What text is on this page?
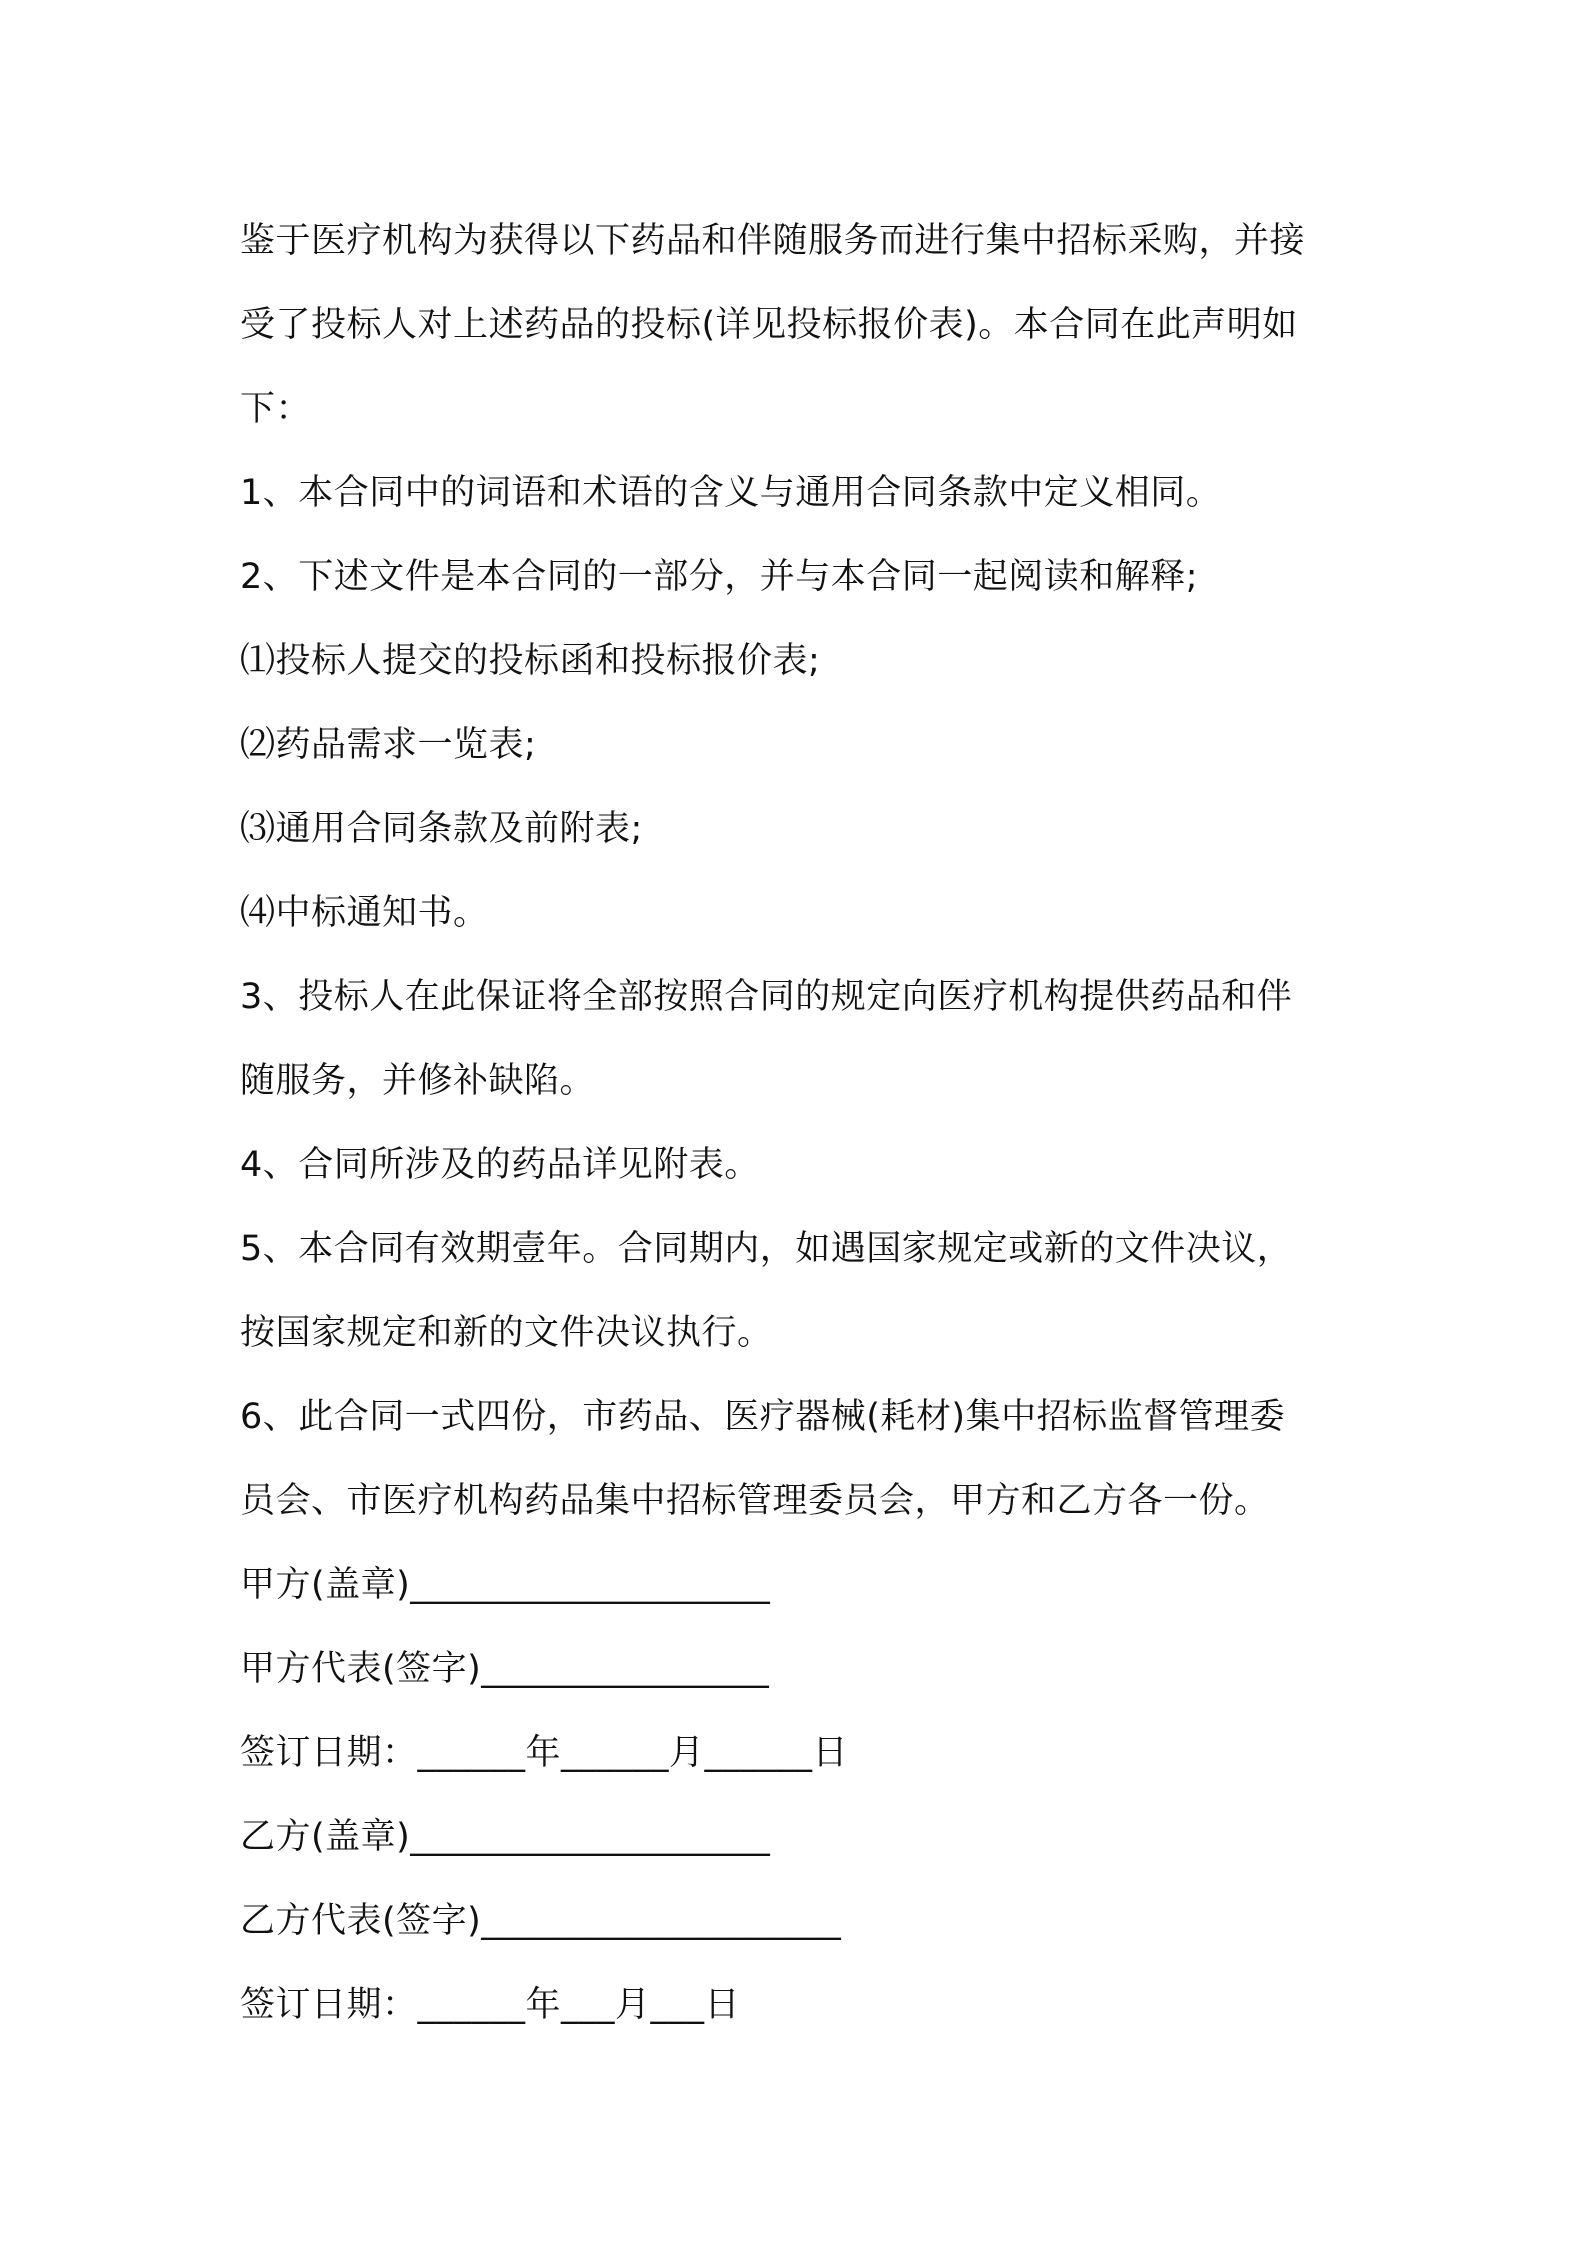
鉴于医疗机构为获得以下药品和伴随服务而进行集中招标采购，并接
受了投标人对上述药品的投标(详见投标报价表)。本合同在此声明如
下：
1、本合同中的词语和术语的含义与通用合同条款中定义相同。
2、下述文件是本合同的一部分，并与本合同一起阅读和解释;
⑴投标人提交的投标函和投标报价表;
⑵药品需求一览表;
⑶通用合同条款及前附表;
⑷中标通知书。
3、投标人在此保证将全部按照合同的规定向医疗机构提供药品和伴
随服务，并修补缺陷。
4、合同所涉及的药品详见附表。
5、本合同有效期壹年。合同期内，如遇国家规定或新的文件决议，
按国家规定和新的文件决议执行。
6、此合同一式四份，市药品、医疗器械(耗材)集中招标监督管理委
员会、市医疗机构药品集中招标管理委员会，甲方和乙方各一份。
甲方(盖章)____________________
甲方代表(签字)________________
签订日期：______年______月______日
乙方(盖章)____________________
乙方代表(签字)____________________
签订日期：______年___月___日
